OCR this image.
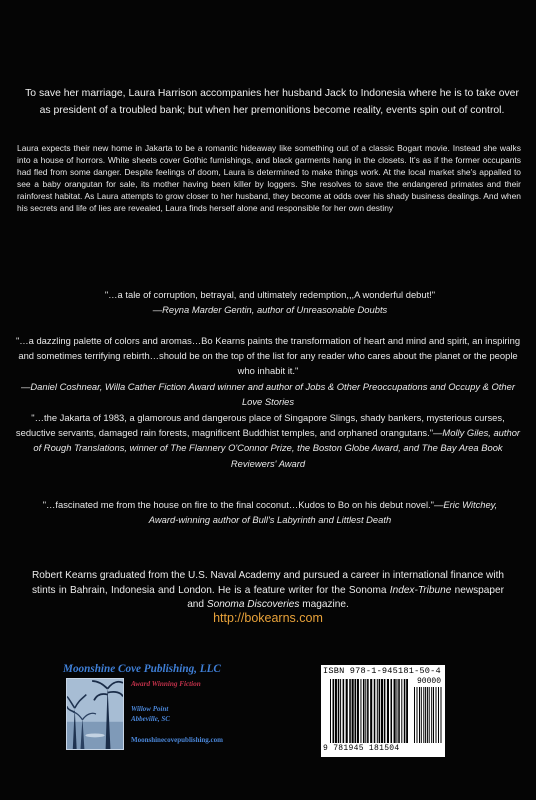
To save her marriage, Laura Harrison accompanies her husband Jack to Indonesia where he is to take over as president of a troubled bank; but when her premonitions become reality, events spin out of control.

Laura expects their new home in Jakarta to be a romantic hideaway like something out of a classic Bogart movie. Instead she walks into a house of horrors. White sheets cover Gothic furnishings, and black garments hang in the closets. It's as if the former occupants had fled from some danger. Despite feelings of doom, Laura is determined to make things work. At the local market she's appalled to see a baby orangutan for sale, its mother having been killer by loggers. She resolves to save the endangered primates and their rainforest habitat. As Laura attempts to grow closer to her husband, they become at odds over his shady business dealings. And when his secrets and life of lies are revealed, Laura finds herself alone and responsible for her own destiny

"…a tale of corruption, betrayal, and ultimately redemption,,,A wonderful debut!"
—Reyna Marder Gentin, author of Unreasonable Doubts

"…a dazzling palette of colors and aromas…Bo Kearns paints the transformation of heart and mind and spirit, an inspiring and sometimes terrifying rebirth…should be on the top of the list for any reader who cares about the planet or the people who inhabit it."
—Daniel Coshnear, Willa Cather Fiction Award winner and author of Jobs & Other Preoccupations and Occupy & Other Love Stories

"…the Jakarta of 1983, a glamorous and dangerous place of Singapore Slings, shady bankers, mysterious curses, seductive servants, damaged rain forests, magnificent Buddhist temples, and orphaned orangutans."—Molly Giles, author of Rough Translations, winner of The Flannery O'Connor Prize, the Boston Globe Award, and The Bay Area Book Reviewers' Award

"…fascinated me from the house on fire to the final coconut…Kudos to Bo on his debut novel."—Eric Witchey, Award-winning author of Bull's Labyrinth and Littlest Death

Robert Kearns graduated from the U.S. Naval Academy and pursued a career in international finance with stints in Bahrain, Indonesia and London. He is a feature writer for the Sonoma Index-Tribune newspaper and Sonoma Discoveries magazine.

http://bokearns.com
Moonshine Cove Publishing, LLC
Award Winning Fiction
Willow Point
Abbeville, SC
Moonshinecovepublishing.com
ISBN 978-1-945181-50-4
90000
9 781945 181504
